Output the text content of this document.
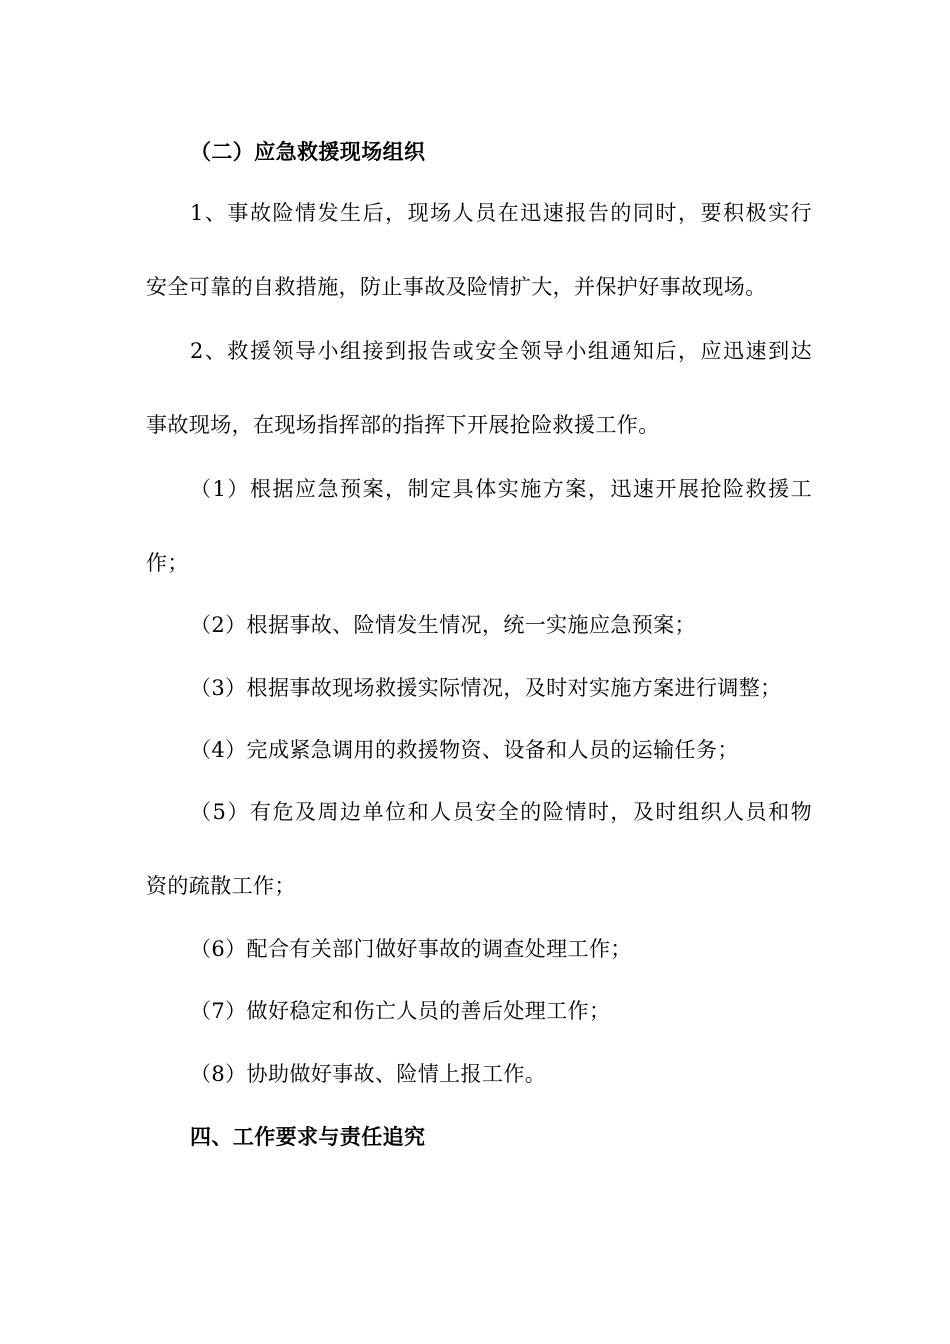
（二）应急救援现场组织
1、事故险情发生后，现场人员在迅速报告的同时，要积极实行
安全可靠的自救措施，防止事故及险情扩大，并保护好事故现场。
2、救援领导小组接到报告或安全领导小组通知后，应迅速到达
事故现场，在现场指挥部的指挥下开展抢险救援工作。
（1）根据应急预案，制定具体实施方案，迅速开展抢险救援工
作；
（2）根据事故、险情发生情况，统一实施应急预案；
（3）根据事故现场救援实际情况，及时对实施方案进行调整；
（4）完成紧急调用的救援物资、设备和人员的运输任务；
（5）有危及周边单位和人员安全的险情时，及时组织人员和物
资的疏散工作；
（6）配合有关部门做好事故的调查处理工作；
（7）做好稳定和伤亡人员的善后处理工作；
（8）协助做好事故、险情上报工作。
四、工作要求与责任追究
